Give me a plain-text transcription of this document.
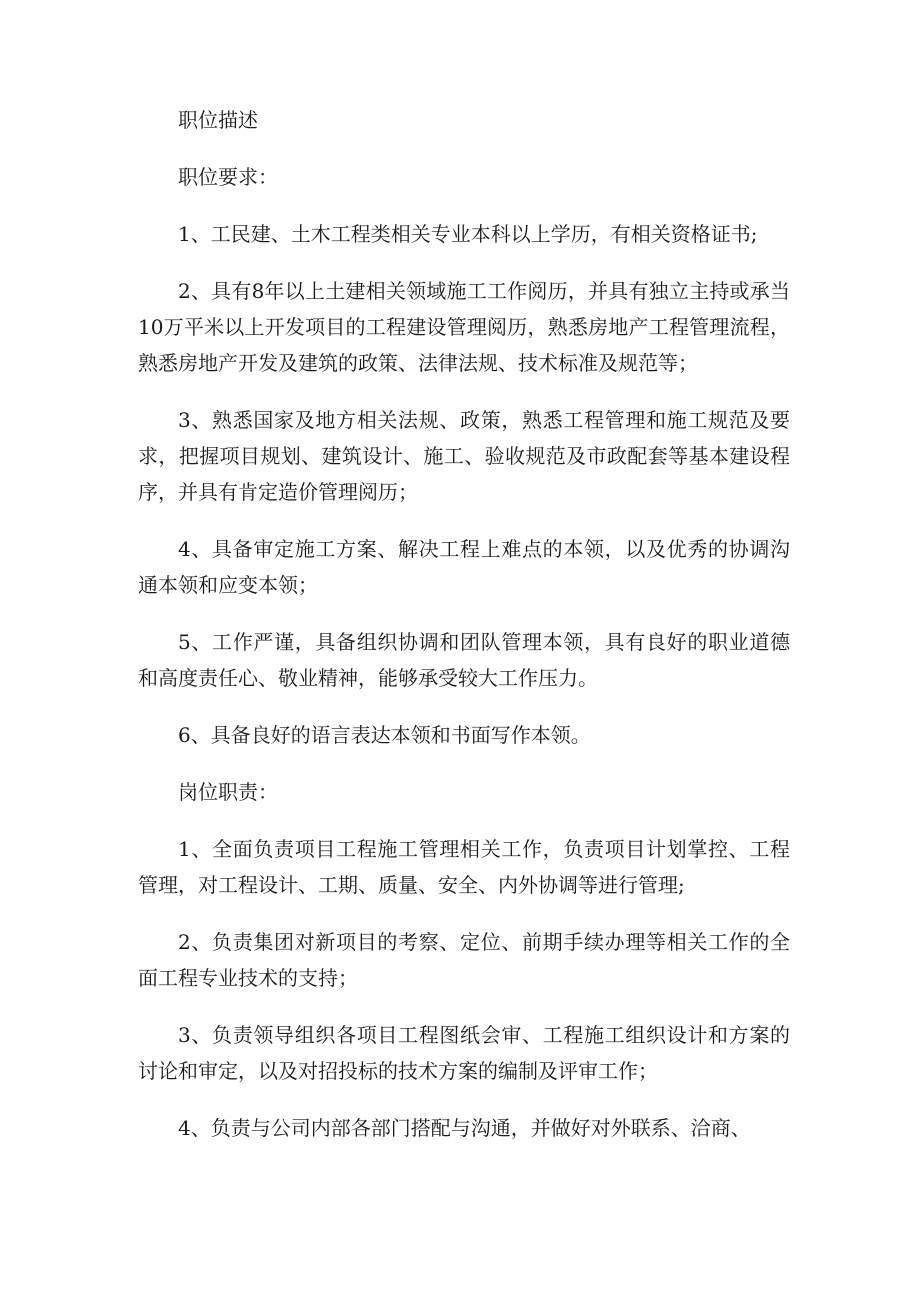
职位描述

职位要求：

1、工民建、土木工程类相关专业本科以上学历，有相关资格证书;

2、具有8年以上土建相关领域施工工作阅历，并具有独立主持或承当10万平米以上开发项目的工程建设管理阅历，熟悉房地产工程管理流程，熟悉房地产开发及建筑的政策、法律法规、技术标准及规范等；

3、熟悉国家及地方相关法规、政策，熟悉工程管理和施工规范及要求，把握项目规划、建筑设计、施工、验收规范及市政配套等基本建设程序，并具有肯定造价管理阅历；

4、具备审定施工方案、解决工程上难点的本领，以及优秀的协调沟通本领和应变本领；

5、工作严谨，具备组织协调和团队管理本领，具有良好的职业道德和高度责任心、敬业精神，能够承受较大工作压力。

6、具备良好的语言表达本领和书面写作本领。

岗位职责：

1、全面负责项目工程施工管理相关工作，负责项目计划掌控、工程管理，对工程设计、工期、质量、安全、内外协调等进行管理;

2、负责集团对新项目的考察、定位、前期手续办理等相关工作的全面工程专业技术的支持；

3、负责领导组织各项目工程图纸会审、工程施工组织设计和方案的讨论和审定，以及对招投标的技术方案的编制及评审工作；

4、负责与公司内部各部门搭配与沟通，并做好对外联系、洽商、
